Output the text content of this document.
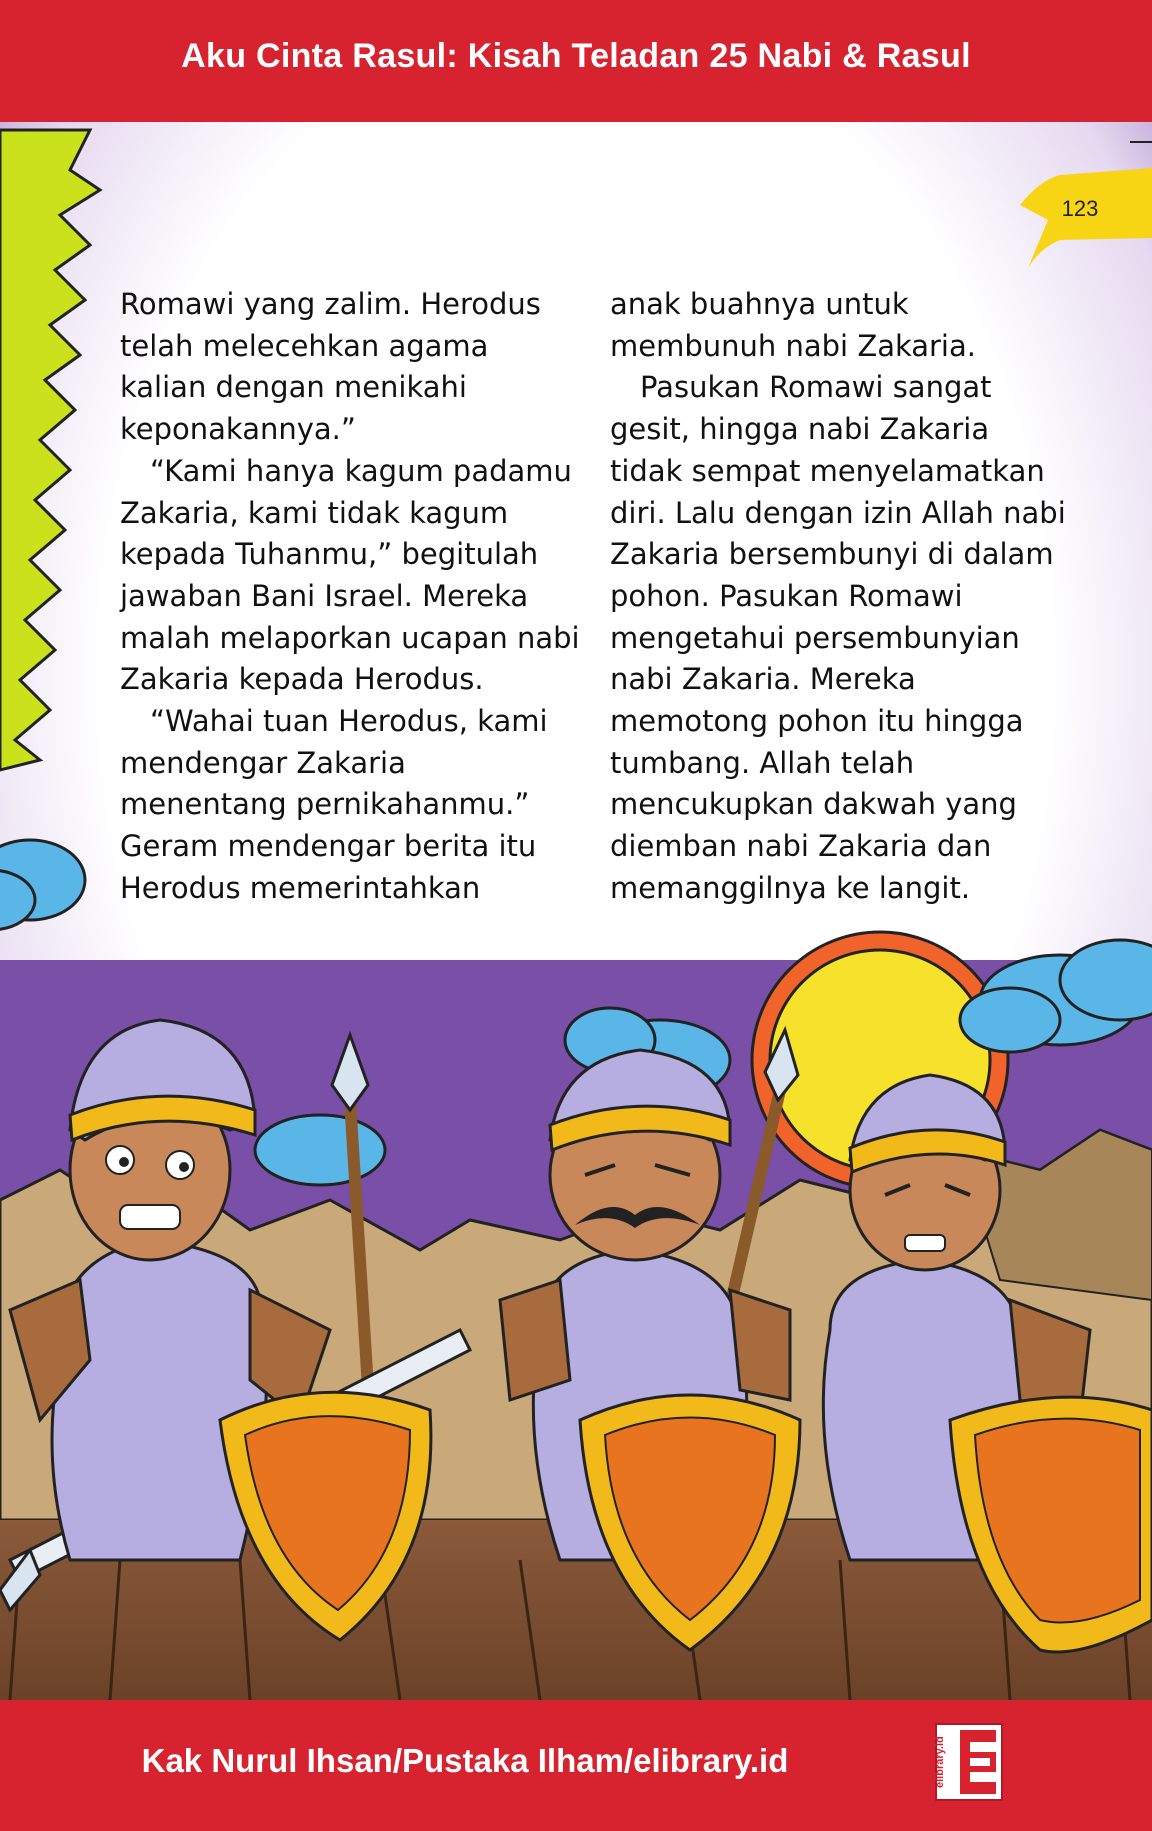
Aku Cinta Rasul: Kisah Teladan 25 Nabi & Rasul
123

Romawi yang zalim. Herodus telah melecehkan agama kalian dengan menikahi keponakannya.”

“Kami hanya kagum padamu Zakaria, kami tidak kagum kepada Tuhanmu,” begitulah jawaban Bani Israel. Mereka malah melaporkan ucapan nabi Zakaria kepada Herodus.

“Wahai tuan Herodus, kami mendengar Zakaria menentang pernikahanmu.” Geram mendengar berita itu Herodus memerintahkan

anak buahnya untuk membunuh nabi Zakaria.

Pasukan Romawi sangat gesit, hingga nabi Zakaria tidak sempat menyelamatkan diri. Lalu dengan izin Allah nabi Zakaria bersembunyi di dalam pohon. Pasukan Romawi mengetahui persembunyian nabi Zakaria. Mereka memotong pohon itu hingga tumbang. Allah telah mencukupkan dakwah yang diemban nabi Zakaria dan memanggilnya ke langit.

Kak Nurul Ihsan/Pustaka Ilham/elibrary.id	elibrary.id
